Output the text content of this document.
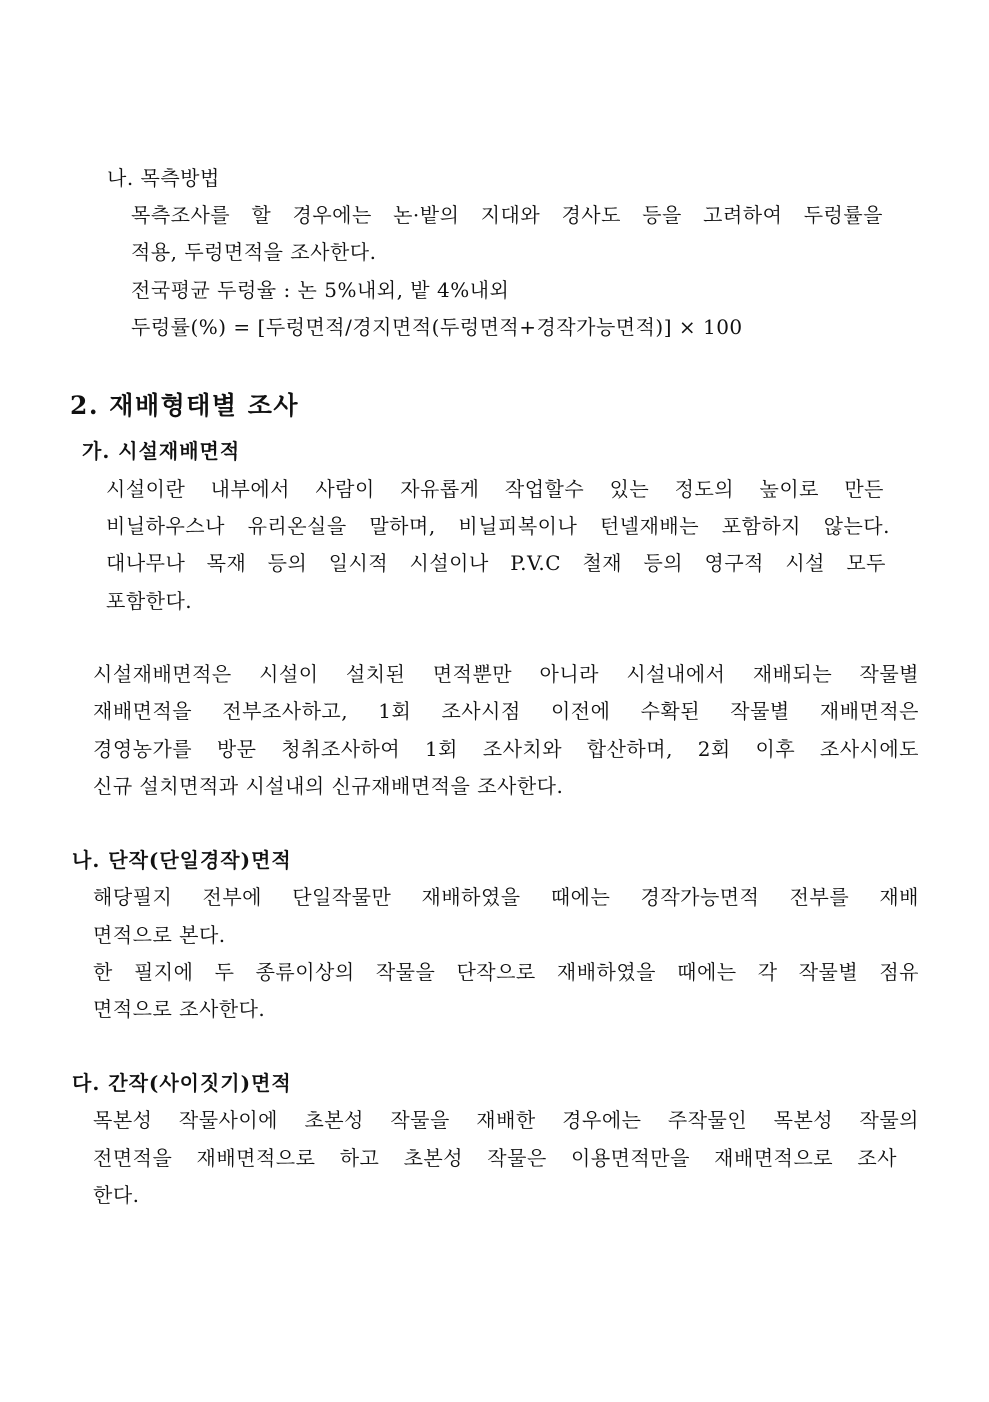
나. 목측방법
목측조사를 할 경우에는 논·밭의 지대와 경사도 등을 고려하여 두렁률을
적용, 두렁면적을 조사한다.
전국평균 두렁율 : 논 5%내외, 밭 4%내외
두렁률(%) = [두렁면적/경지면적(두렁면적+경작가능면적)] × 100
2. 재배형태별 조사
가. 시설재배면적
시설이란 내부에서 사람이 자유롭게 작업할수 있는 정도의 높이로 만든
비닐하우스나 유리온실을 말하며, 비닐피복이나 턴넬재배는 포함하지 않는다.
대나무나 목재 등의 일시적 시설이나 P.V.C 철재 등의 영구적 시설 모두
포함한다.
시설재배면적은 시설이 설치된 면적뿐만 아니라 시설내에서 재배되는 작물별
재배면적을 전부조사하고, 1회 조사시점 이전에 수확된 작물별 재배면적은
경영농가를 방문 청취조사하여 1회 조사치와 합산하며, 2회 이후 조사시에도
신규 설치면적과 시설내의 신규재배면적을 조사한다.
나. 단작(단일경작)면적
해당필지 전부에 단일작물만 재배하였을 때에는 경작가능면적 전부를 재배
면적으로 본다.
한 필지에 두 종류이상의 작물을 단작으로 재배하였을 때에는 각 작물별 점유
면적으로 조사한다.
다. 간작(사이짓기)면적
목본성 작물사이에 초본성 작물을 재배한 경우에는 주작물인 목본성 작물의
전면적을 재배면적으로 하고 초본성 작물은 이용면적만을 재배면적으로 조사
한다.
